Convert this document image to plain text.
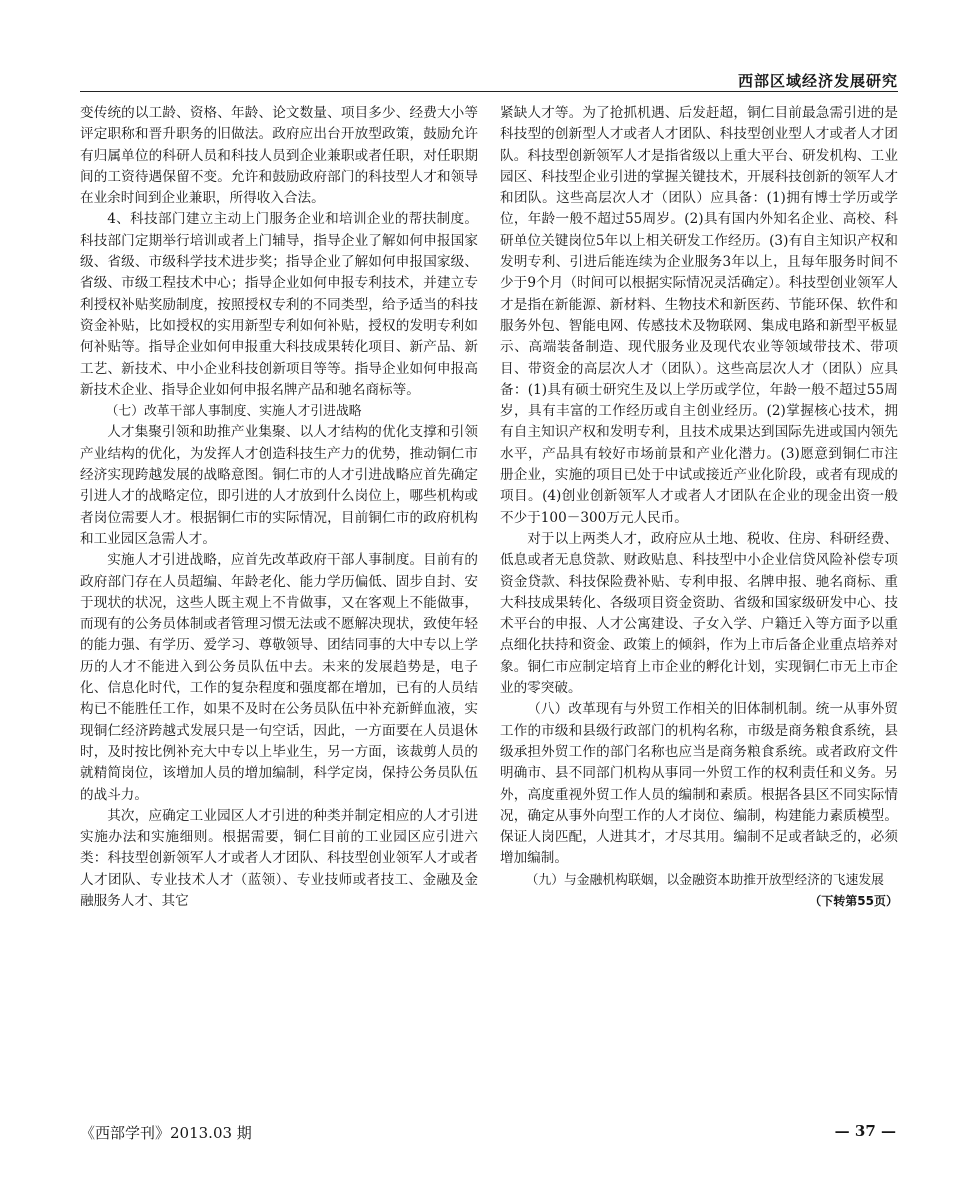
西部区域经济发展研究

变传统的以工龄、资格、年龄、论文数量、项目多少、经费大小等评定职称和晋升职务的旧做法。政府应出台开放型政策，鼓励允许有归属单位的科研人员和科技人员到企业兼职或者任职，对任职期间的工资待遇保留不变。允许和鼓励政府部门的科技型人才和领导在业余时间到企业兼职，所得收入合法。

4、科技部门建立主动上门服务企业和培训企业的帮扶制度。科技部门定期举行培训或者上门辅导，指导企业了解如何申报国家级、省级、市级科学技术进步奖；指导企业了解如何申报国家级、省级、市级工程技术中心；指导企业如何申报专利技术，并建立专利授权补贴奖励制度，按照授权专利的不同类型，给予适当的科技资金补贴，比如授权的实用新型专利如何补贴，授权的发明专利如何补贴等。指导企业如何申报重大科技成果转化项目、新产品、新工艺、新技术、中小企业科技创新项目等等。指导企业如何申报高新技术企业、指导企业如何申报名牌产品和驰名商标等。

（七）改革干部人事制度、实施人才引进战略

人才集聚引领和助推产业集聚、以人才结构的优化支撑和引领产业结构的优化，为发挥人才创造科技生产力的优势，推动铜仁市经济实现跨越发展的战略意图。铜仁市的人才引进战略应首先确定引进人才的战略定位，即引进的人才放到什么岗位上，哪些机构或者岗位需要人才。根据铜仁市的实际情况，目前铜仁市的政府机构和工业园区急需人才。

实施人才引进战略，应首先改革政府干部人事制度。目前有的政府部门存在人员超编、年龄老化、能力学历偏低、固步自封、安于现状的状况，这些人既主观上不肯做事，又在客观上不能做事，而现有的公务员体制或者管理习惯无法或不愿解决现状，致使年轻的能力强、有学历、爱学习、尊敬领导、团结同事的大中专以上学历的人才不能进入到公务员队伍中去。未来的发展趋势是，电子化、信息化时代，工作的复杂程度和强度都在增加，已有的人员结构已不能胜任工作，如果不及时在公务员队伍中补充新鲜血液，实现铜仁经济跨越式发展只是一句空话，因此，一方面要在人员退休时，及时按比例补充大中专以上毕业生，另一方面，该裁剪人员的就精简岗位，该增加人员的增加编制，科学定岗，保持公务员队伍的战斗力。

其次，应确定工业园区人才引进的种类并制定相应的人才引进实施办法和实施细则。根据需要，铜仁目前的工业园区应引进六类：科技型创新领军人才或者人才团队、科技型创业领军人才或者人才团队、专业技术人才（蓝领）、专业技师或者技工、金融及金融服务人才、其它

紧缺人才等。为了抢抓机遇、后发赶超，铜仁目前最急需引进的是科技型的创新型人才或者人才团队、科技型创业型人才或者人才团队。科技型创新领军人才是指省级以上重大平台、研发机构、工业园区、科技型企业引进的掌握关键技术，开展科技创新的领军人才和团队。这些高层次人才（团队）应具备：(1)拥有博士学历或学位，年龄一般不超过55周岁。(2)具有国内外知名企业、高校、科研单位关键岗位5年以上相关研发工作经历。(3)有自主知识产权和发明专利、引进后能连续为企业服务3年以上，且每年服务时间不少于9个月（时间可以根据实际情况灵活确定）。科技型创业领军人才是指在新能源、新材料、生物技术和新医药、节能环保、软件和服务外包、智能电网、传感技术及物联网、集成电路和新型平板显示、高端装备制造、现代服务业及现代农业等领域带技术、带项目、带资金的高层次人才（团队）。这些高层次人才（团队）应具备：(1)具有硕士研究生及以上学历或学位，年龄一般不超过55周岁，具有丰富的工作经历或自主创业经历。(2)掌握核心技术，拥有自主知识产权和发明专利，且技术成果达到国际先进或国内领先水平，产品具有较好市场前景和产业化潜力。(3)愿意到铜仁市注册企业，实施的项目已处于中试或接近产业化阶段，或者有现成的项目。(4)创业创新领军人才或者人才团队在企业的现金出资一般不少于100－300万元人民币。

对于以上两类人才，政府应从土地、税收、住房、科研经费、低息或者无息贷款、财政贴息、科技型中小企业信贷风险补偿专项资金贷款、科技保险费补贴、专利申报、名牌申报、驰名商标、重大科技成果转化、各级项目资金资助、省级和国家级研发中心、技术平台的申报、人才公寓建设、子女入学、户籍迁入等方面予以重点细化扶持和资金、政策上的倾斜，作为上市后备企业重点培养对象。铜仁市应制定培育上市企业的孵化计划，实现铜仁市无上市企业的零突破。

（八）改革现有与外贸工作相关的旧体制机制。统一从事外贸工作的市级和县级行政部门的机构名称，市级是商务粮食系统，县级承担外贸工作的部门名称也应当是商务粮食系统。或者政府文件明确市、县不同部门机构从事同一外贸工作的权利责任和义务。另外，高度重视外贸工作人员的编制和素质。根据各县区不同实际情况，确定从事外向型工作的人才岗位、编制，构建能力素质模型。保证人岗匹配，人进其才，才尽其用。编制不足或者缺乏的，必须增加编制。

（九）与金融机构联姻，以金融资本助推开放型经济的飞速发展

（下转第55页）

《西部学刊》2013.03 期	— 37 —
